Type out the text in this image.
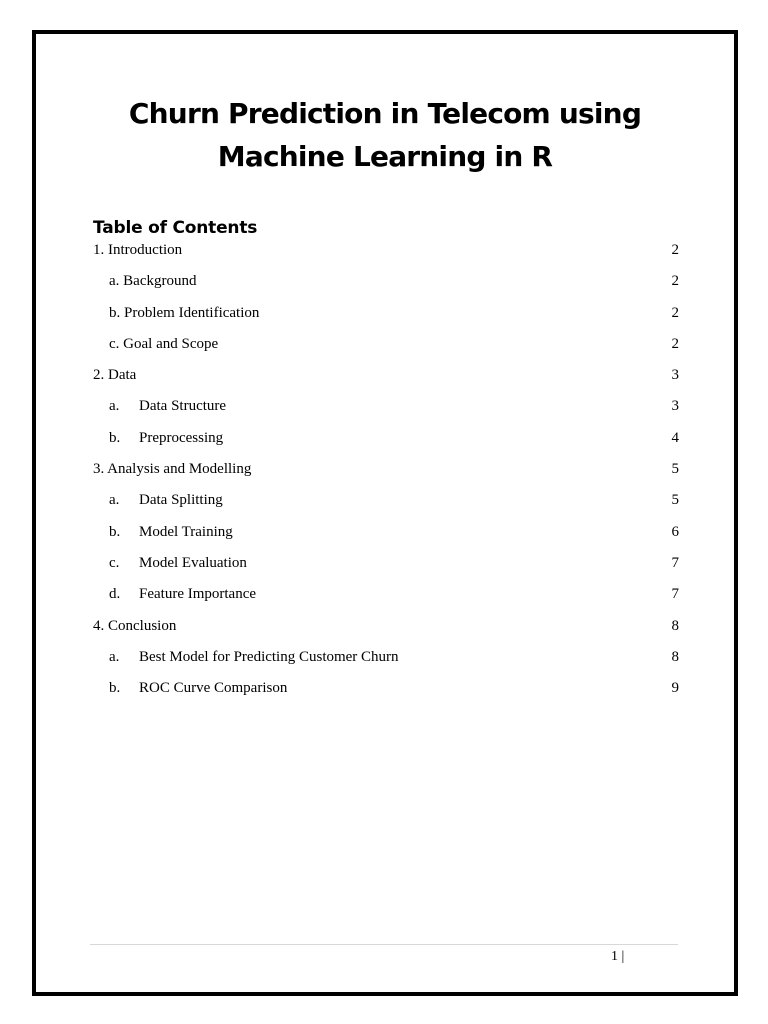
Churn Prediction in Telecom using
Machine Learning in R
Table of Contents
1. Introduction	2
a. Background	2
b. Problem Identification	2
c. Goal and Scope	2
2. Data	3
a. Data Structure	3
b. Preprocessing	4
3. Analysis and Modelling	5
a. Data Splitting	5
b. Model Training	6
c. Model Evaluation	7
d. Feature Importance	7
4. Conclusion	8
a. Best Model for Predicting Customer Churn	8
b. ROC Curve Comparison	9
1 |
